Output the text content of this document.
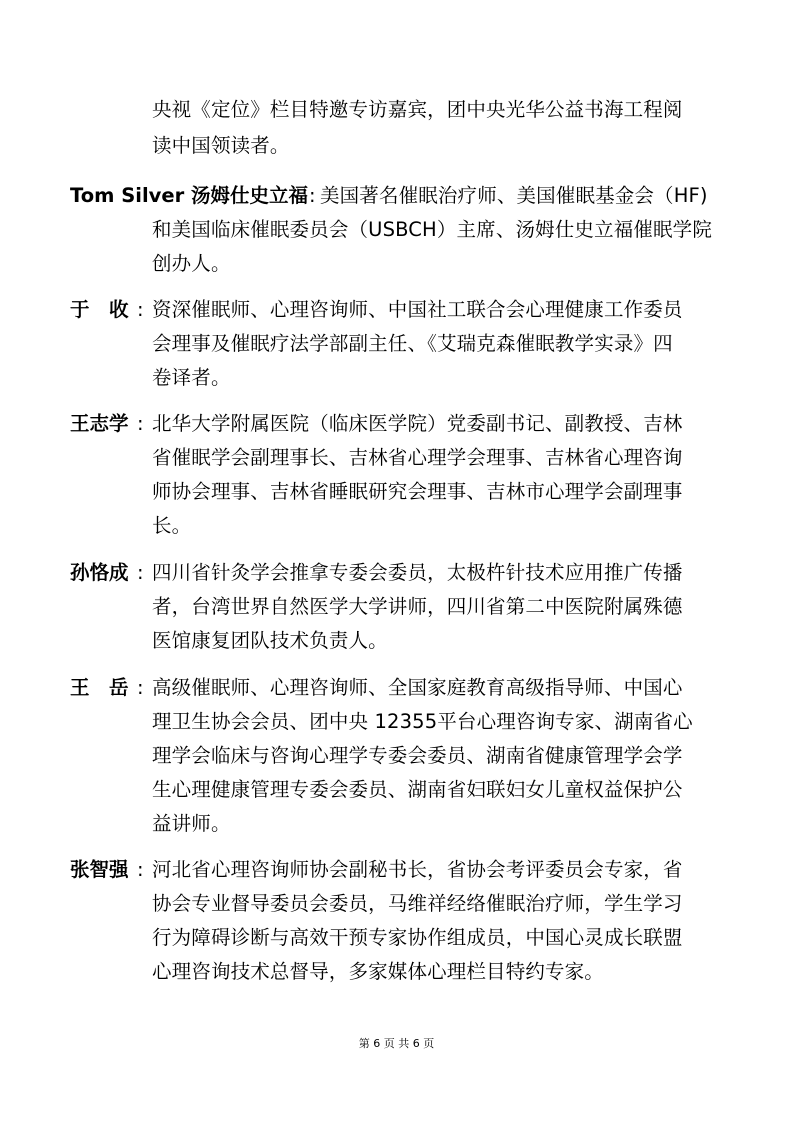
央视《定位》栏目特邀专访嘉宾，团中央光华公益书海工程阅
读中国领读者。
Tom Silver 汤姆仕史立福 : 美国著名催眠治疗师、美国催眠基金会（HF)
和美国临床催眠委员会（USBCH）主席、汤姆仕史立福催眠学院
创办人。
于　收 : 资深催眠师、心理咨询师、中国社工联合会心理健康工作委员
会理事及催眠疗法学部副主任、《艾瑞克森催眠教学实录》四
卷译者。
王志学 : 北华大学附属医院（临床医学院）党委副书记、副教授、吉林
省催眠学会副理事长、吉林省心理学会理事、吉林省心理咨询
师协会理事、吉林省睡眠研究会理事、吉林市心理学会副理事
长。
孙恪成 : 四川省针灸学会推拿专委会委员，太极杵针技术应用推广传播
者，台湾世界自然医学大学讲师，四川省第二中医院附属殊德
医馆康复团队技术负责人。
王　岳 : 高级催眠师、心理咨询师、全国家庭教育高级指导师、中国心
理卫生协会会员、团中央 12355平台心理咨询专家、湖南省心
理学会临床与咨询心理学专委会委员、湖南省健康管理学会学
生心理健康管理专委会委员、湖南省妇联妇女儿童权益保护公
益讲师。
张智强 : 河北省心理咨询师协会副秘书长，省协会考评委员会专家，省
协会专业督导委员会委员，马维祥经络催眠治疗师，学生学习
行为障碍诊断与高效干预专家协作组成员，中国心灵成长联盟
心理咨询技术总督导，多家媒体心理栏目特约专家。
第 6 页 共 6 页
